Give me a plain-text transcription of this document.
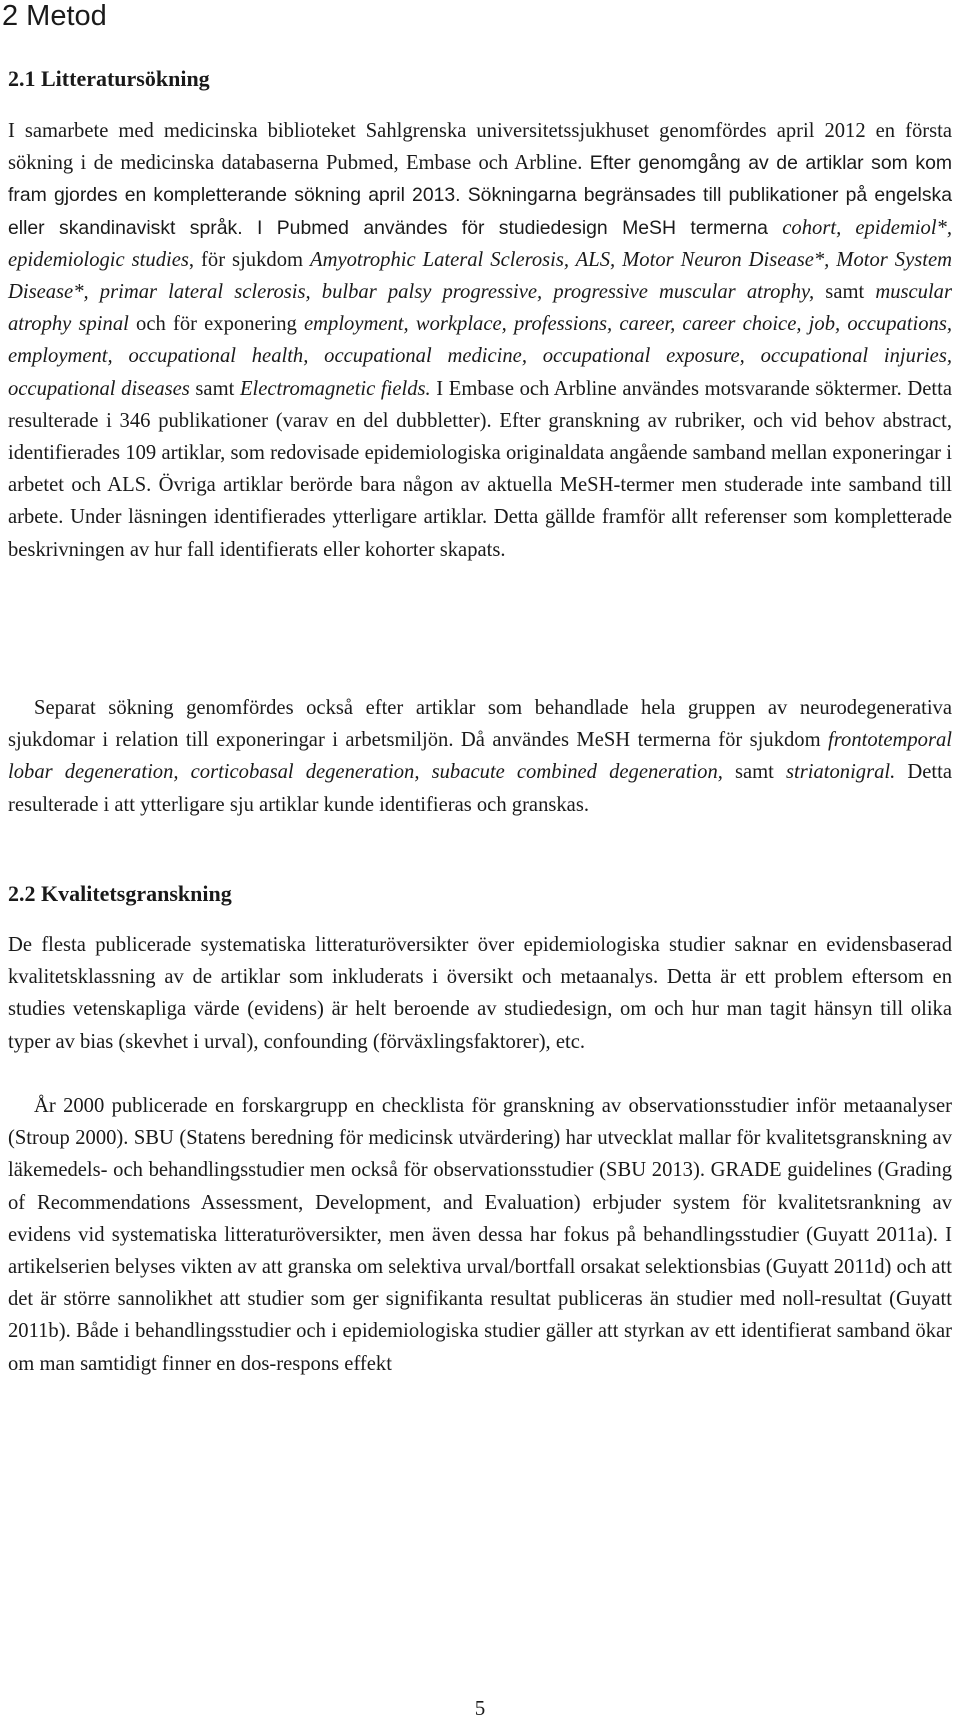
2 Metod
2.1 Litteratursökning

I samarbete med medicinska biblioteket Sahlgrenska universitetssjukhuset genomfördes april 2012 en första sökning i de medicinska databaserna Pubmed, Embase och Arbline. Efter genomgång av de artiklar som kom fram gjordes en kompletterande sökning april 2013. Sökningarna begränsades till publikationer på engelska eller skandinaviskt språk. I Pubmed användes för studiedesign MeSH termerna cohort, epidemiol*, epidemiologic studies, för sjukdom Amyotrophic Lateral Sclerosis, ALS, Motor Neuron Disease*, Motor System Disease*, primar lateral sclerosis, bulbar palsy progressive, progressive muscular atrophy, samt muscular atrophy spinal och för exponering employment, workplace, professions, career, career choice, job, occupations, employment, occupational health, occupational medicine, occupational exposure, occupational injuries, occupational diseases samt Electromagnetic fields. I Embase och Arbline användes motsvarande söktermer. Detta resulterade i 346 publikationer (varav en del dubbletter). Efter granskning av rubriker, och vid behov abstract, identifierades 109 artiklar, som redovisade epidemiologiska originaldata angående samband mellan exponeringar i arbetet och ALS. Övriga artiklar berörde bara någon av aktuella MeSH-termer men studerade inte samband till arbete. Under läsningen identifierades ytterligare artiklar. Detta gällde framför allt referenser som kompletterade beskrivningen av hur fall identifierats eller kohorter skapats.

Separat sökning genomfördes också efter artiklar som behandlade hela gruppen av neurodegenerativa sjukdomar i relation till exponeringar i arbetsmiljön. Då användes MeSH termerna för sjukdom frontotemporal lobar degeneration, corticobasal degeneration, subacute combined degeneration, samt striatonigral. Detta resulterade i att ytterligare sju artiklar kunde identifieras och granskas.

2.2 Kvalitetsgranskning

De flesta publicerade systematiska litteraturöversikter över epidemiologiska studier saknar en evidensbaserad kvalitetsklassning av de artiklar som inkluderats i översikt och metaanalys. Detta är ett problem eftersom en studies vetenskapliga värde (evidens) är helt beroende av studiedesign, om och hur man tagit hänsyn till olika typer av bias (skevhet i urval), confounding (förväxlingsfaktorer), etc.

År 2000 publicerade en forskargrupp en checklista för granskning av observationsstudier inför metaanalyser (Stroup 2000). SBU (Statens beredning för medicinsk utvärdering) har utvecklat mallar för kvalitetsgranskning av läkemedels- och behandlingsstudier men också för observationsstudier (SBU 2013). GRADE guidelines (Grading of Recommendations Assessment, Development, and Evaluation) erbjuder system för kvalitetsrankning av evidens vid systematiska litteraturöversikter, men även dessa har fokus på behandlingsstudier (Guyatt 2011a). I artikelserien belyses vikten av att granska om selektiva urval/bortfall orsakat selektionsbias (Guyatt 2011d) och att det är större sannolikhet att studier som ger signifikanta resultat publiceras än studier med noll-resultat (Guyatt 2011b). Både i behandlingsstudier och i epidemiologiska studier gäller att styrkan av ett identifierat samband ökar om man samtidigt finner en dos-respons effekt

5
